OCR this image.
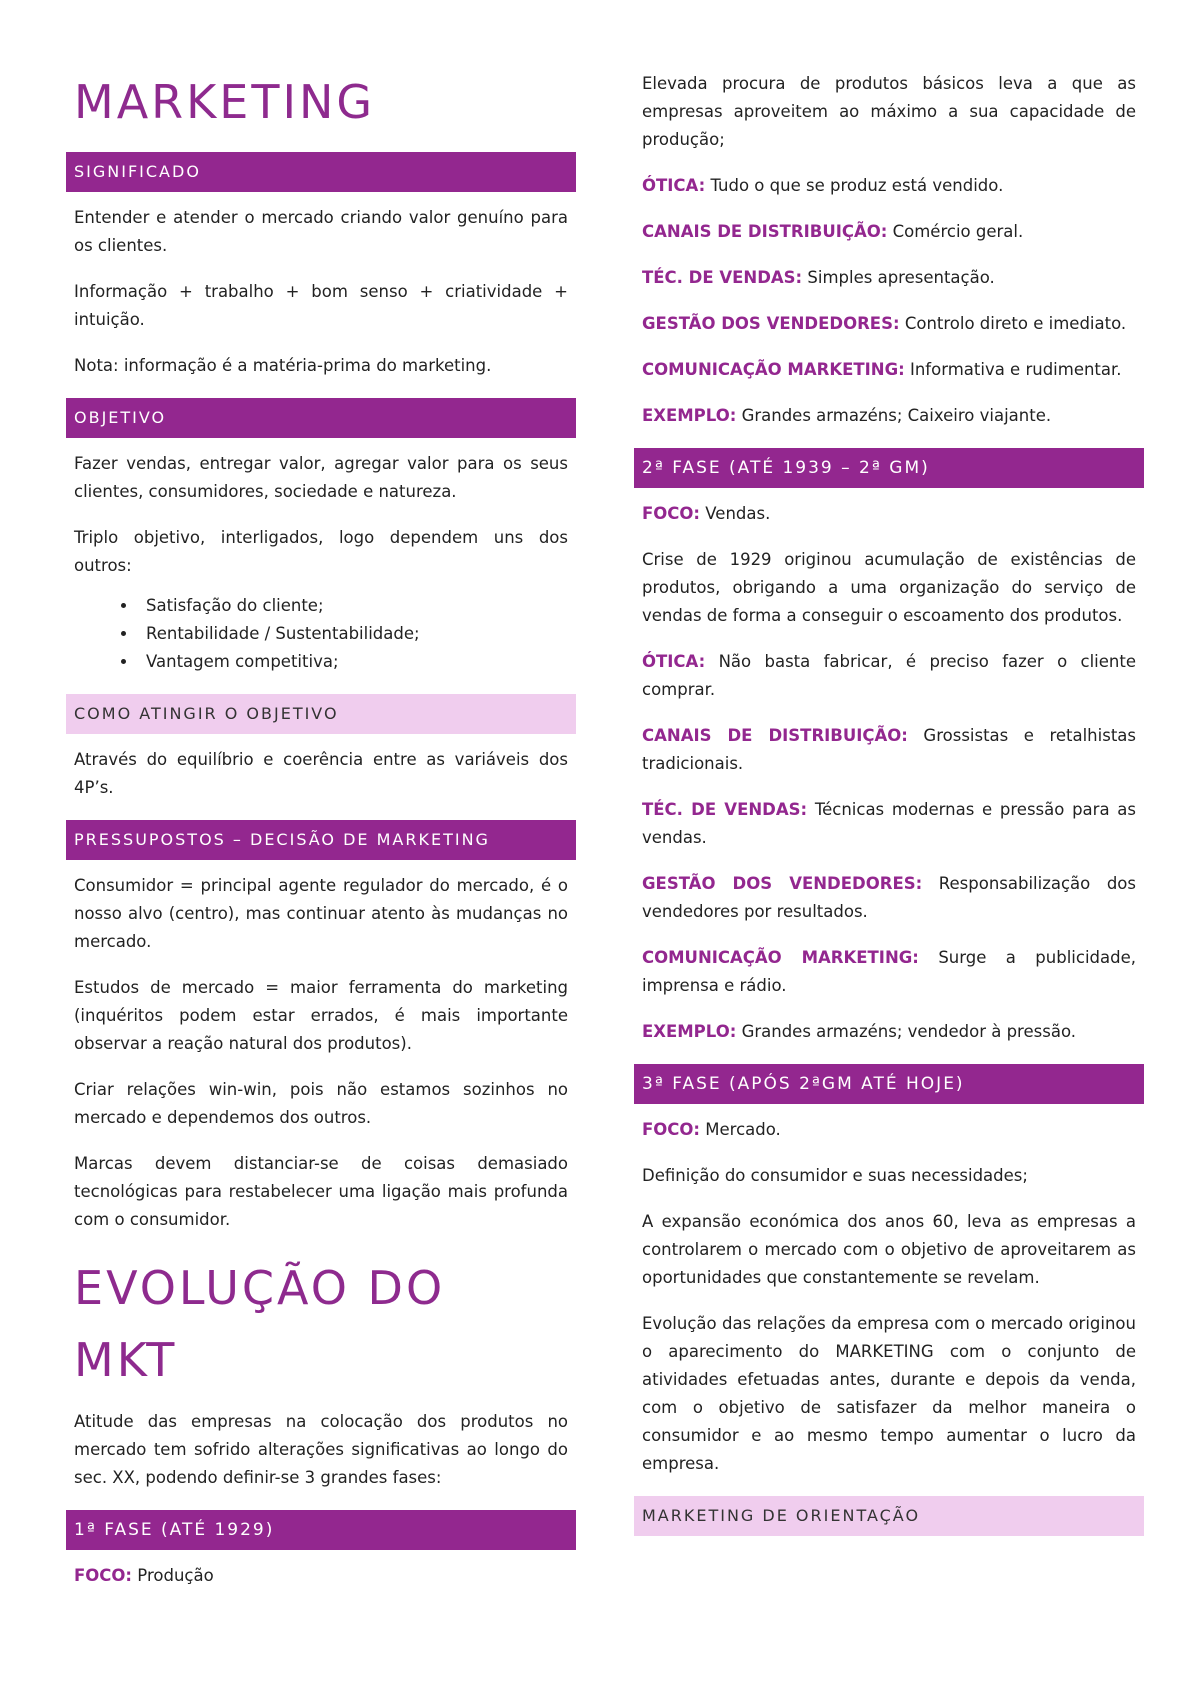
MARKETING
SIGNIFICADO

Entender e atender o mercado criando valor genuíno para os clientes.

Informação + trabalho + bom senso + criatividade + intuição.

Nota: informação é a matéria-prima do marketing.

OBJETIVO

Fazer vendas, entregar valor, agregar valor para os seus clientes, consumidores, sociedade e natureza.

Triplo objetivo, interligados, logo dependem uns dos outros:

• Satisfação do cliente;
• Rentabilidade / Sustentabilidade;
• Vantagem competitiva;
COMO ATINGIR O OBJETIVO

Através do equilíbrio e coerência entre as variáveis dos 4P’s.

PRESSUPOSTOS – DECISÃO DE MARKETING

Consumidor = principal agente regulador do mercado, é o nosso alvo (centro), mas continuar atento às mudanças no mercado.

Estudos de mercado = maior ferramenta do marketing (inquéritos podem estar errados, é mais importante observar a reação natural dos produtos).

Criar relações win-win, pois não estamos sozinhos no mercado e dependemos dos outros.

Marcas devem distanciar-se de coisas demasiado tecnológicas para restabelecer uma ligação mais profunda com o consumidor.

EVOLUÇÃO DO MKT

Atitude das empresas na colocação dos produtos no mercado tem sofrido alterações significativas ao longo do sec. XX, podendo definir-se 3 grandes fases:

1ª FASE (ATÉ 1929)

FOCO: Produção

Elevada procura de produtos básicos leva a que as empresas aproveitem ao máximo a sua capacidade de produção;

ÓTICA: Tudo o que se produz está vendido.

CANAIS DE DISTRIBUIÇÃO: Comércio geral.

TÉC. DE VENDAS: Simples apresentação.

GESTÃO DOS VENDEDORES: Controlo direto e imediato.

COMUNICAÇÃO MARKETING: Informativa e rudimentar.

EXEMPLO: Grandes armazéns; Caixeiro viajante.

2ª FASE (ATÉ 1939 – 2ª GM)

FOCO: Vendas.

Crise de 1929 originou acumulação de existências de produtos, obrigando a uma organização do serviço de vendas de forma a conseguir o escoamento dos produtos.

ÓTICA: Não basta fabricar, é preciso fazer o cliente comprar.

CANAIS DE DISTRIBUIÇÃO: Grossistas e retalhistas tradicionais.

TÉC. DE VENDAS: Técnicas modernas e pressão para as vendas.

GESTÃO DOS VENDEDORES: Responsabilização dos vendedores por resultados.

COMUNICAÇÃO MARKETING: Surge a publicidade, imprensa e rádio.

EXEMPLO: Grandes armazéns; vendedor à pressão.

3ª FASE (APÓS 2ªGM ATÉ HOJE)

FOCO: Mercado.

Definição do consumidor e suas necessidades;

A expansão económica dos anos 60, leva as empresas a controlarem o mercado com o objetivo de aproveitarem as oportunidades que constantemente se revelam.

Evolução das relações da empresa com o mercado originou o aparecimento do MARKETING com o conjunto de atividades efetuadas antes, durante e depois da venda, com o objetivo de satisfazer da melhor maneira o consumidor e ao mesmo tempo aumentar o lucro da empresa.

MARKETING DE ORIENTAÇÃO
